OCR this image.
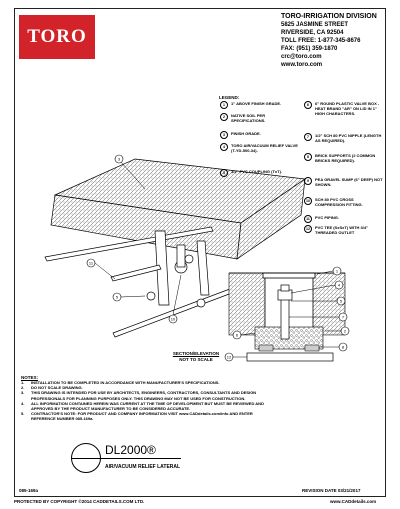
TORO
TORO-IRRIGATION DIVISION
5825 JASMINE STREET
RIVERSIDE, CA 92504
TOLL FREE: 1-877-345-8676
FAX: (951) 359-1870
crc@toro.com
www.toro.com
3
11
5
10
1
4
5
7
2
8
6
12
LEGEND:
1	1" ABOVE FINISH GRADE.
2	NATIVE SOIL PER SPECIFICATIONS.
3	FINISH GRADE.
4	TORO AIR/VACUUM RELIEF VALVE (T-YD-500-34).
5	1/2" PVC COUPLING (TxT).
6	6" ROUND PLASTIC VALVE BOX - HEAT BRAND "AR" ON LID IN 1" HIGH CHARACTERS.
7	1/2" SCH 80 PVC NIPPLE (LENGTH AS REQUIRED).
8	BRICK SUPPORTS (2 COMMON BRICKS REQUIRED).
9	PEA GRAVEL SUMP (6" DEEP) NOT SHOWN.
10	SCH 80 PVC CROSS COMPRESSION FITTING.
11	PVC PIPING.
12	PVC TEE (SxSxT) WITH 3/4" THREADED OUTLET
SECTION/ELEVATION
NOT TO SCALE
NOTES:
1.	INSTALLATION TO BE COMPLETED IN ACCORDANCE WITH MANUFACTURER'S SPECIFICATIONS.
2.	DO NOT SCALE DRAWING.
3.	THIS DRAWING IS INTENDED FOR USE BY ARCHITECTS, ENGINEERS, CONTRACTORS, CONSULTANTS AND DESIGN
PROFESSIONALS FOR PLANNING PURPOSES ONLY. THIS DRAWING MAY NOT BE USED FOR CONSTRUCTION.
4.	ALL INFORMATION CONTAINED HEREIN WAS CURRENT AT THE TIME OF DEVELOPMENT BUT MUST BE REVIEWED AND
APPROVED BY THE PRODUCT MANUFACTURER TO BE CONSIDERED ACCURATE.
5.	CONTRACTOR'S NOTE: FOR PRODUCT AND COMPANY INFORMATION VISIT www.CADdetails.com/info AND ENTER
REFERENCE NUMBER 085-169a.
DL2000®
AIR/VACUUM RELIEF LATERAL
085-169a	REVISION DATE 03/21/2017
PROTECTED BY COPYRIGHT ©2014 CADDETAILS.COM LTD.	www.CADdetails.com
